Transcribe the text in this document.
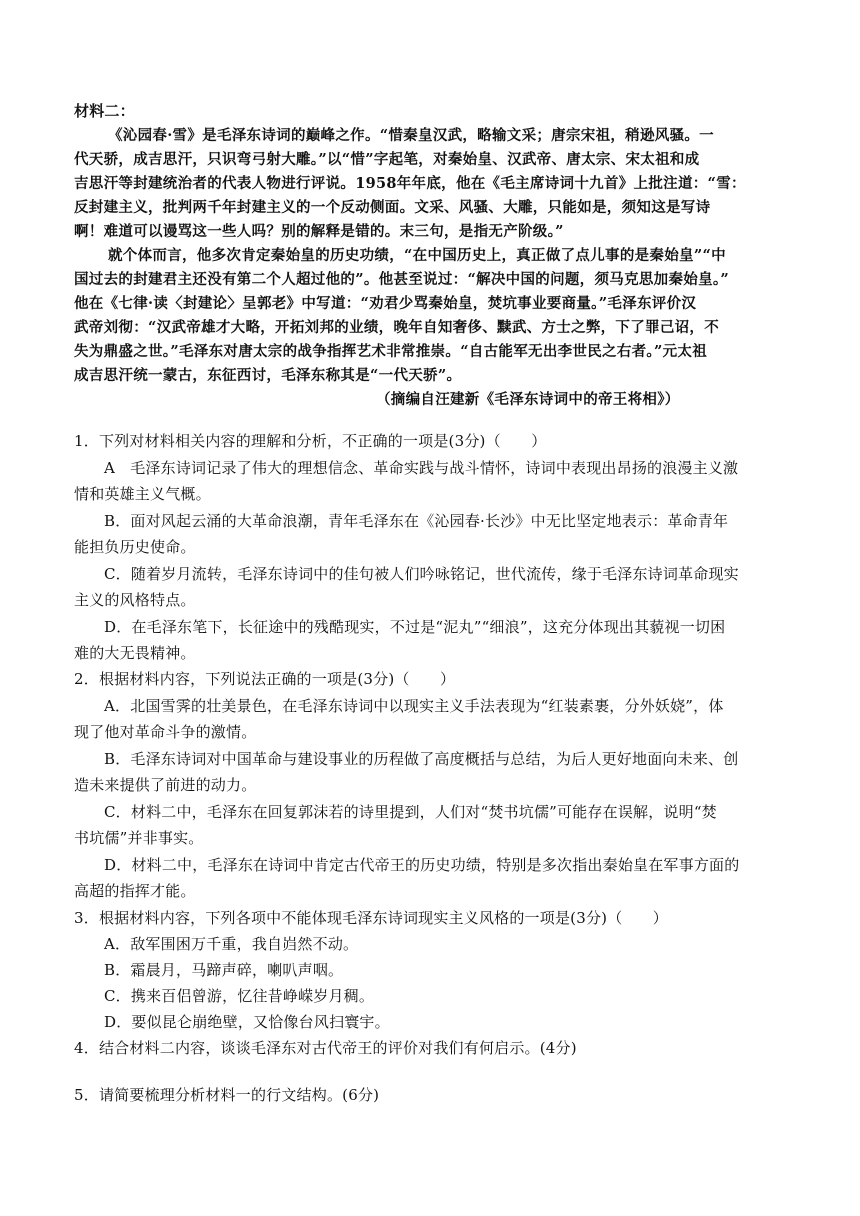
材料二：
《沁园春·雪》是毛泽东诗词的巅峰之作。“惜秦皇汉武，略输文采；唐宗宋祖，稍逊风骚。一
代天骄，成吉思汗，只识弯弓射大雕。”以“惜”字起笔，对秦始皇、汉武帝、唐太宗、宋太祖和成
吉思汗等封建统治者的代表人物进行评说。1958年年底，他在《毛主席诗词十九首》上批注道：“雪：
反封建主义，批判两千年封建主义的一个反动侧面。文采、风骚、大雕，只能如是，须知这是写诗
啊！难道可以谩骂这一些人吗？别的解释是错的。末三句，是指无产阶级。”
就个体而言，他多次肯定秦始皇的历史功绩，“在中国历史上，真正做了点儿事的是秦始皇”“中
国过去的封建君主还没有第二个人超过他的”。他甚至说过：“解决中国的问题，须马克思加秦始皇。”
他在《七律·读〈封建论〉呈郭老》中写道：“劝君少骂秦始皇，焚坑事业要商量。”毛泽东评价汉
武帝刘彻：“汉武帝雄才大略，开拓刘邦的业绩，晚年自知奢侈、黩武、方士之弊，下了罪己诏，不
失为鼎盛之世。”毛泽东对唐太宗的战争指挥艺术非常推崇。“自古能军无出李世民之右者。”元太祖
成吉思汗统一蒙古，东征西讨，毛泽东称其是“一代天骄”。
（摘编自汪建新《毛泽东诗词中的帝王将相》）
1．下列对材料相关内容的理解和分析，不正确的一项是(3分)（　　）
A　毛泽东诗词记录了伟大的理想信念、革命实践与战斗情怀，诗词中表现出昂扬的浪漫主义激
情和英雄主义气概。
B．面对风起云涌的大革命浪潮，青年毛泽东在《沁园春·长沙》中无比坚定地表示：革命青年
能担负历史使命。
C．随着岁月流转，毛泽东诗词中的佳句被人们吟咏铭记，世代流传，缘于毛泽东诗词革命现实
主义的风格特点。
D．在毛泽东笔下，长征途中的残酷现实，不过是“泥丸”“细浪”，这充分体现出其藐视一切困
难的大无畏精神。
2．根据材料内容，下列说法正确的一项是(3分)（　　）
A．北国雪霁的壮美景色，在毛泽东诗词中以现实主义手法表现为“红装素裹，分外妖娆”，体
现了他对革命斗争的激情。
B．毛泽东诗词对中国革命与建设事业的历程做了高度概括与总结，为后人更好地面向未来、创
造未来提供了前进的动力。
C．材料二中，毛泽东在回复郭沫若的诗里提到，人们对“焚书坑儒”可能存在误解，说明“焚
书坑儒”并非事实。
D．材料二中，毛泽东在诗词中肯定古代帝王的历史功绩，特别是多次指出秦始皇在军事方面的
高超的指挥才能。
3．根据材料内容，下列各项中不能体现毛泽东诗词现实主义风格的一项是(3分)（　　）
A．敌军围困万千重，我自岿然不动。
B．霜晨月，马蹄声碎，喇叭声咽。
C．携来百侣曾游，忆往昔峥嵘岁月稠。
D．要似昆仑崩绝壁，又恰像台风扫寰宇。
4．结合材料二内容，谈谈毛泽东对古代帝王的评价对我们有何启示。(4分)
5．请简要梳理分析材料一的行文结构。(6分)
